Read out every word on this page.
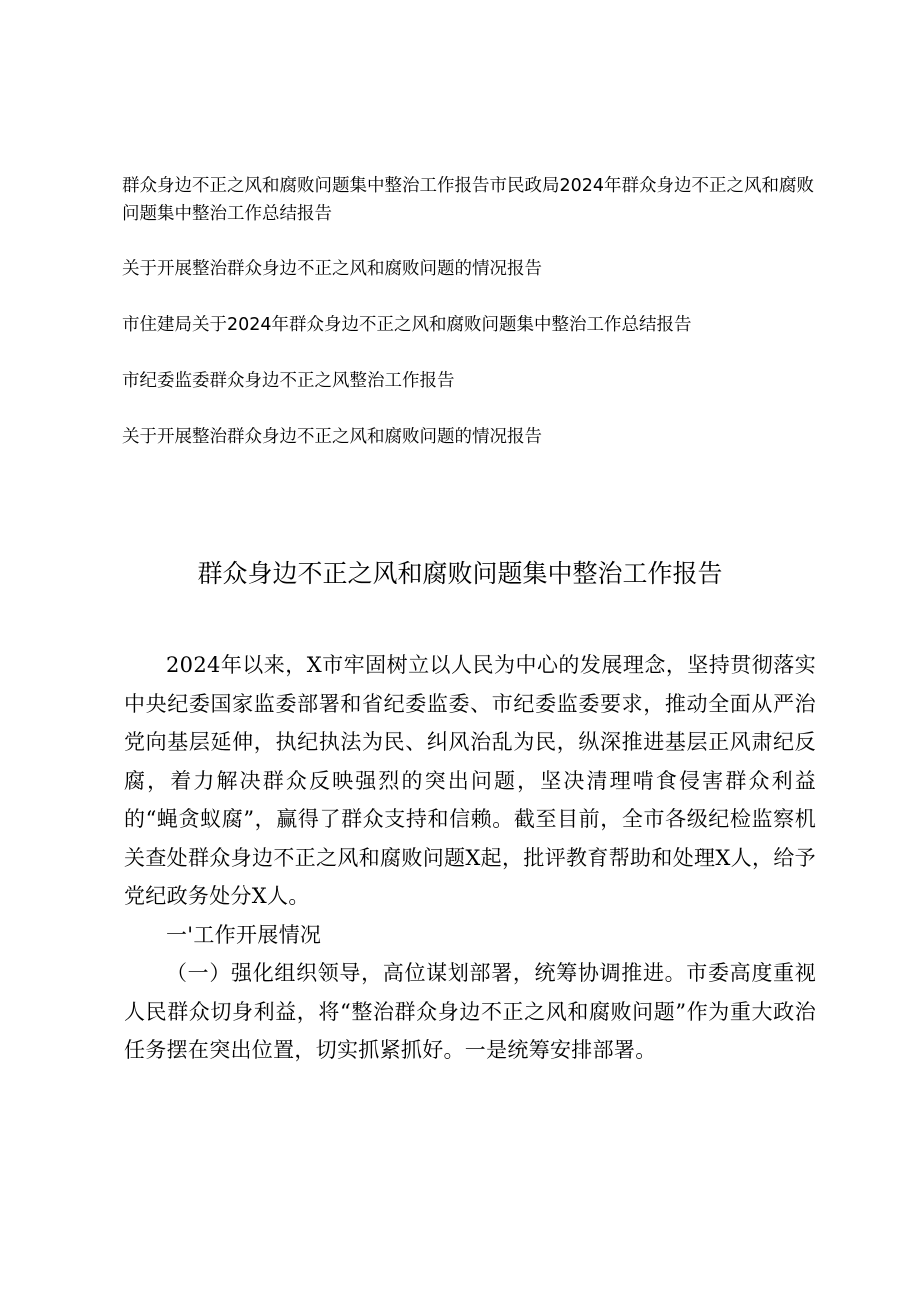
群众身边不正之风和腐败问题集中整治工作报告市民政局2024年群众身边不正之风和腐败问题集中整治工作总结报告
关于开展整治群众身边不正之风和腐败问题的情况报告
市住建局关于2024年群众身边不正之风和腐败问题集中整治工作总结报告
市纪委监委群众身边不正之风整治工作报告
关于开展整治群众身边不正之风和腐败问题的情况报告
群众身边不正之风和腐败问题集中整治工作报告

2024年以来，X市牢固树立以人民为中心的发展理念，坚持贯彻落实中央纪委国家监委部署和省纪委监委、市纪委监委要求，推动全面从严治党向基层延伸，执纪执法为民、纠风治乱为民，纵深推进基层正风肃纪反腐，着力解决群众反映强烈的突出问题，坚决清理啃食侵害群众利益的“蝇贪蚁腐”，赢得了群众支持和信赖。截至目前，全市各级纪检监察机关查处群众身边不正之风和腐败问题X起，批评教育帮助和处理X人，给予党纪政务处分X人。

一'工作开展情况

（一）强化组织领导，高位谋划部署，统筹协调推进。市委高度重视人民群众切身利益，将“整治群众身边不正之风和腐败问题”作为重大政治任务摆在突出位置，切实抓紧抓好。一是统筹安排部署。
